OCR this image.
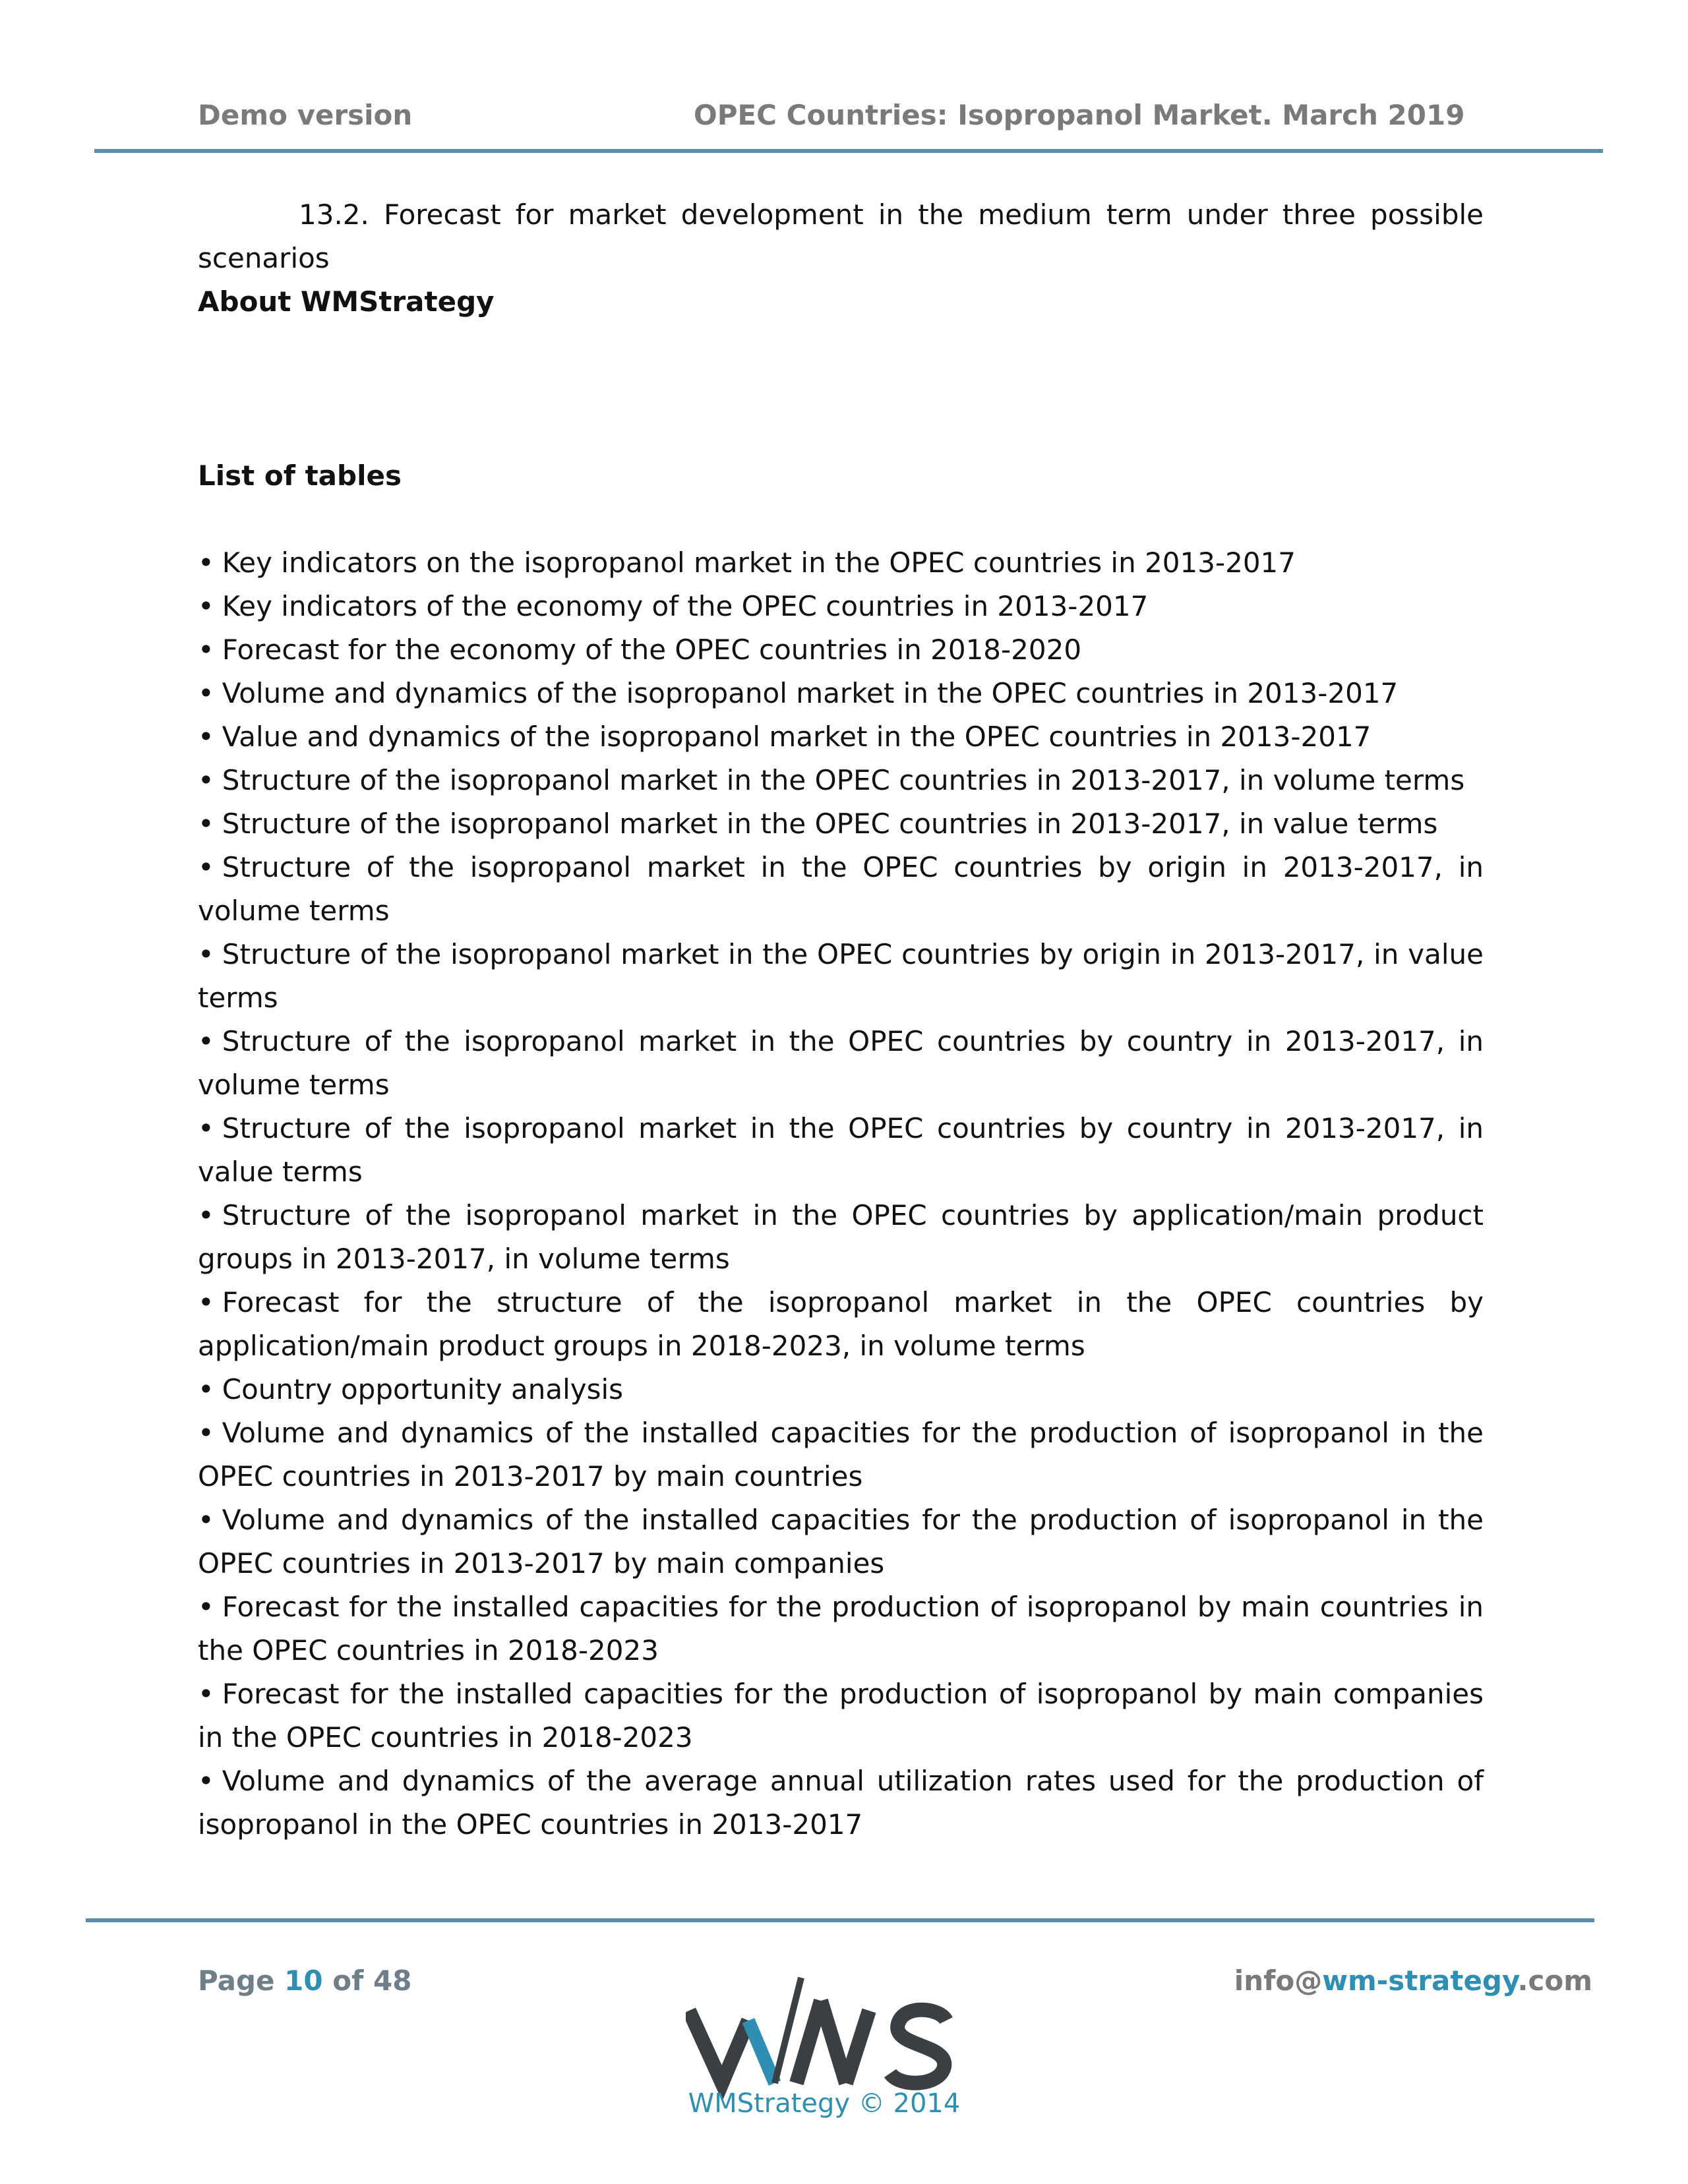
Demo version	OPEC Countries: Isopropanol Market. March 2019

13.2. Forecast for market development in the medium term under three possible scenarios

About WMStrategy

List of tables

• Key indicators on the isopropanol market in the OPEC countries in 2013-2017
• Key indicators of the economy of the OPEC countries in 2013-2017
• Forecast for the economy of the OPEC countries in 2018-2020
• Volume and dynamics of the isopropanol market in the OPEC countries in 2013-2017
• Value and dynamics of the isopropanol market in the OPEC countries in 2013-2017
• Structure of the isopropanol market in the OPEC countries in 2013-2017, in volume terms
• Structure of the isopropanol market in the OPEC countries in 2013-2017, in value terms
• Structure of the isopropanol market in the OPEC countries by origin in 2013-2017, in volume terms
• Structure of the isopropanol market in the OPEC countries by origin in 2013-2017, in value terms
• Structure of the isopropanol market in the OPEC countries by country in 2013-2017, in volume terms
• Structure of the isopropanol market in the OPEC countries by country in 2013-2017, in value terms
• Structure of the isopropanol market in the OPEC countries by application/main product groups in 2013-2017, in volume terms
• Forecast for the structure of the isopropanol market in the OPEC countries by application/main product groups in 2018-2023, in volume terms
• Country opportunity analysis
• Volume and dynamics of the installed capacities for the production of isopropanol in the OPEC countries in 2013-2017 by main countries
• Volume and dynamics of the installed capacities for the production of isopropanol in the OPEC countries in 2013-2017 by main companies
• Forecast for the installed capacities for the production of isopropanol by main countries in the OPEC countries in 2018-2023
• Forecast for the installed capacities for the production of isopropanol by main companies in the OPEC countries in 2018-2023
• Volume and dynamics of the average annual utilization rates used for the production of isopropanol in the OPEC countries in 2013-2017
Page 10 of 48
WMStrategy © 2014
info@wm-strategy.com
